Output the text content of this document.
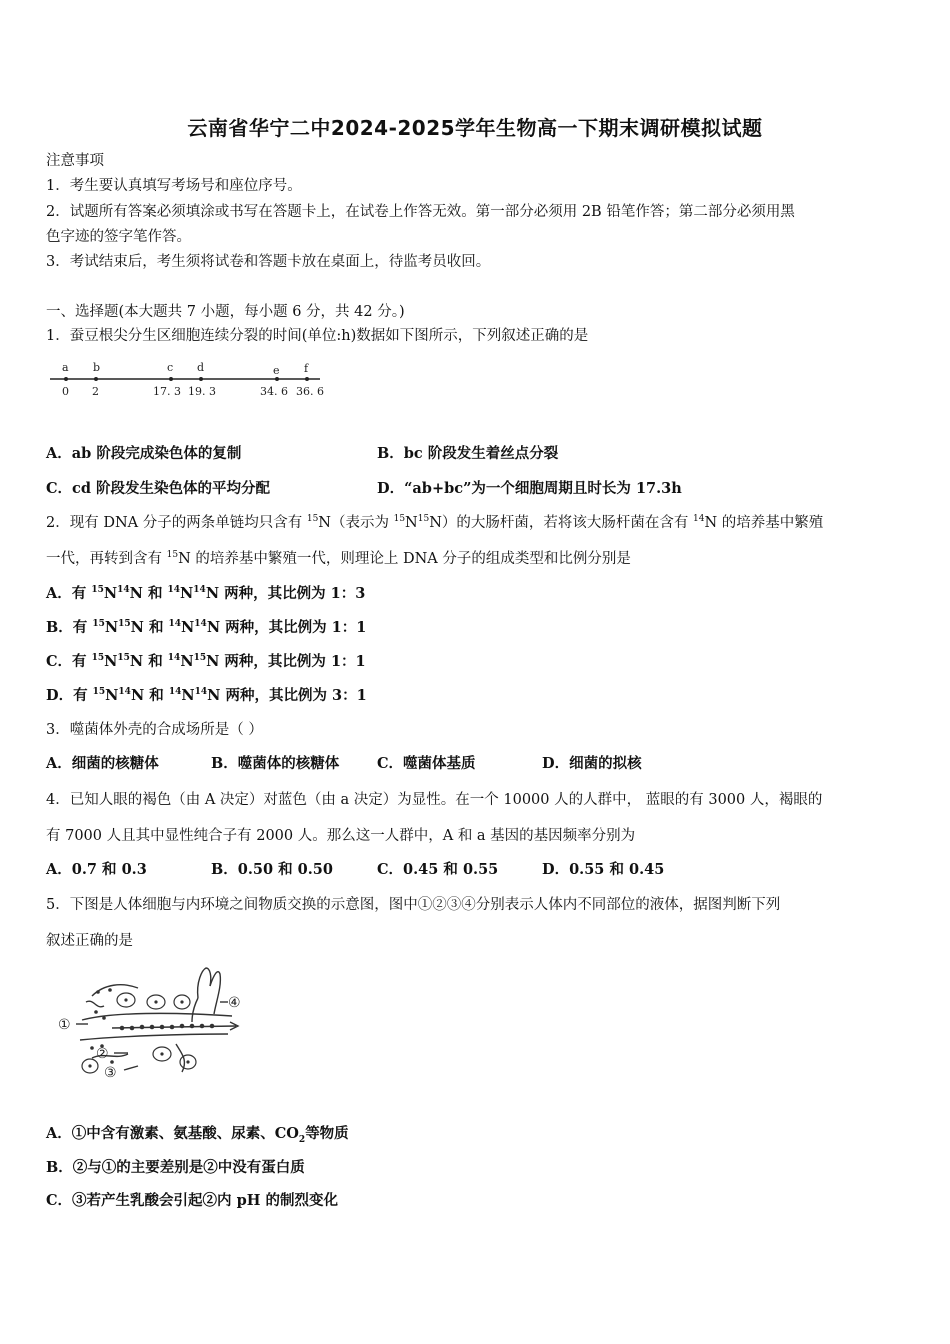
云南省华宁二中2024-2025学年生物高一下期末调研模拟试题
注意事项
1．考生要认真填写考场号和座位序号。
2．试题所有答案必须填涂或书写在答题卡上，在试卷上作答无效。第一部分必须用 2B 铅笔作答；第二部分必须用黑
色字迹的签字笔作答。
3．考试结束后，考生须将试卷和答题卡放在桌面上，待监考员收回。
一、选择题(本大题共 7 小题，每小题 6 分，共 42 分。)
1．蚕豆根尖分生区细胞连续分裂的时间(单位:h)数据如下图所示，下列叙述正确的是
a b	c d	e f
0 2	17. 3 19. 3	34. 6 36. 6
A．ab 阶段完成染色体的复制	B．bc 阶段发生着丝点分裂
C．cd 阶段发生染色体的平均分配	D．“ab+bc”为一个细胞周期且时长为 17.3h
2．现有 DNA 分子的两条单链均只含有 $^{15}$N（表示为 $^{15}N^{15}N$）的大肠杆菌，若将该大肠杆菌在含有 $^{14}$N 的培养基中繁殖
一代，再转到含有 $^{15}$N 的培养基中繁殖一代，则理论上 DNA 分子的组成类型和比例分别是
A．有 $^{15}N^{14}N$ 和 $^{14}N^{14}N$ 两种，其比例为 1：3
B．有 $^{15}N^{15}N$ 和 $^{14}N^{14}N$ 两种，其比例为 1：1
C．有 $^{15}N^{15}N$ 和 $^{14}N^{15}N$ 两种，其比例为 1：1
D．有 $^{15}N^{14}N$ 和 $^{14}N^{14}N$ 两种，其比例为 3：1
3．噬菌体外壳的合成场所是（ ）
A．细菌的核糖体	B．噬菌体的核糖体	C．噬菌体基质	D．细菌的拟核
4．已知人眼的褐色（由 A 决定）对蓝色（由 a 决定）为显性。在一个 10000 人的人群中， 蓝眼的有 3000 人，褐眼的
有 7000 人且其中显性纯合子有 2000 人。那么这一人群中，A 和 a 基因的基因频率分别为
A．0.7 和 0.3	B．0.50 和 0.50	C．0.45 和 0.55	D．0.55 和 0.45
5．下图是人体细胞与内环境之间物质交换的示意图，图中①②③④分别表示人体内不同部位的液体，据图判断下列
叙述正确的是
①
②
③
④
A．①中含有激素、氨基酸、尿素、$CO_2$等物质
B．②与①的主要差别是②中没有蛋白质
C．③若产生乳酸会引起②内 pH 的制烈变化
